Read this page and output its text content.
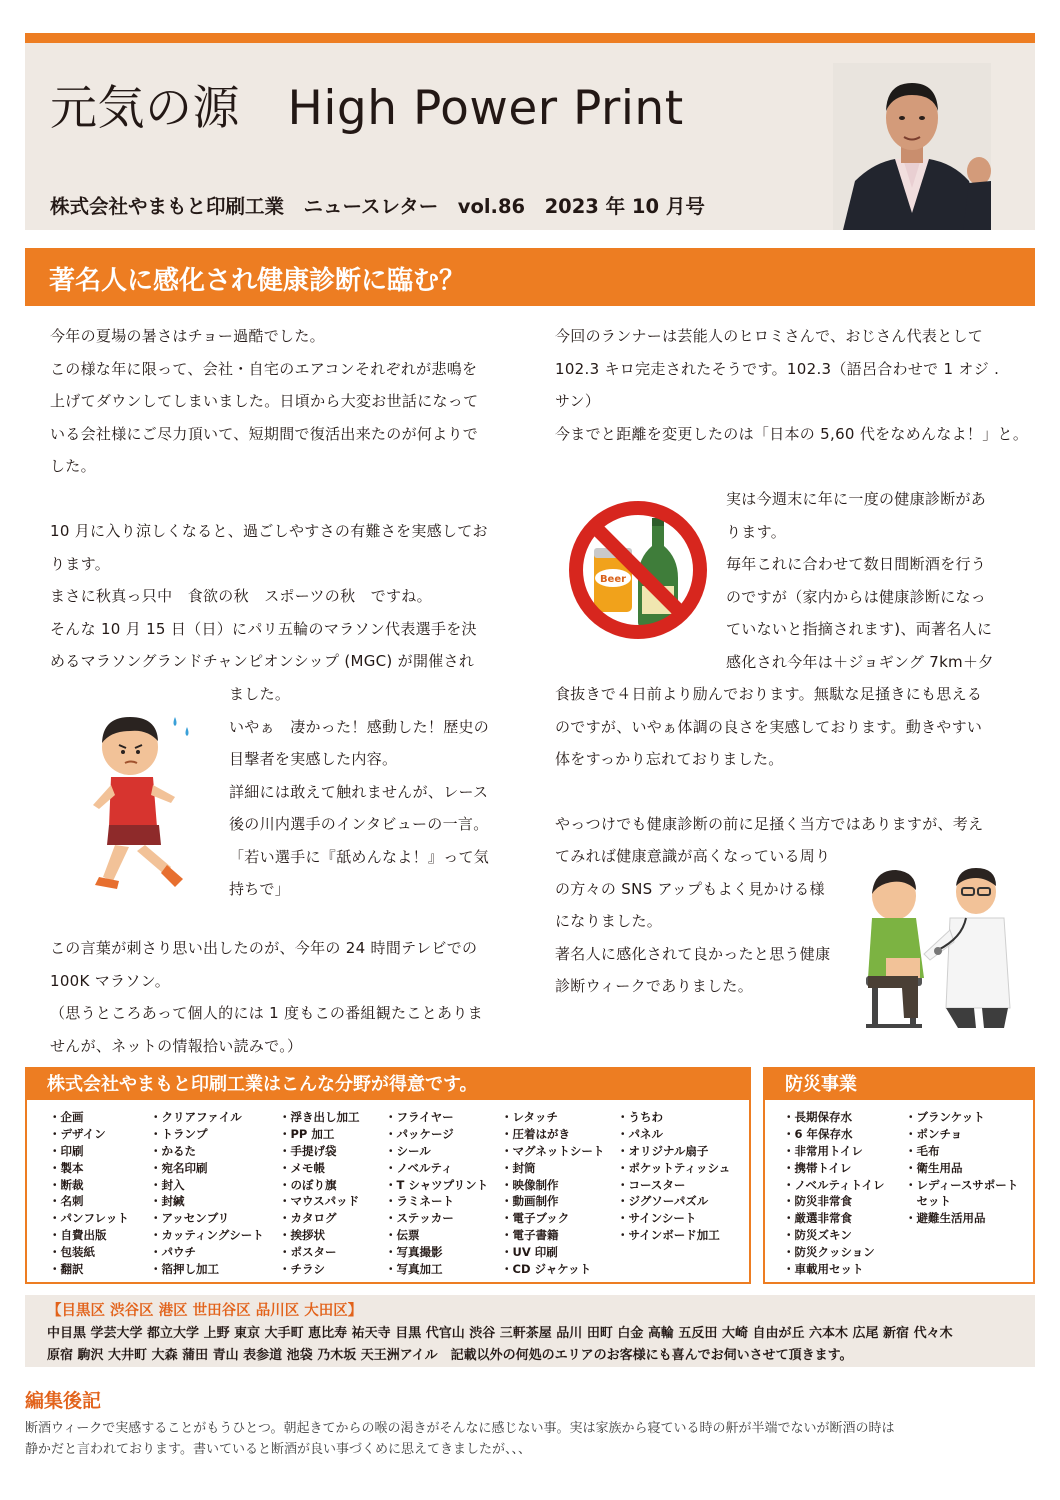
元気の源　High Power Print
株式会社やまもと印刷工業　ニュースレター　vol.86　2023 年 10 月号
著名人に感化され健康診断に臨む？

今年の夏場の暑さはチョー過酷でした。

この様な年に限って、会社・自宅のエアコンそれぞれが悲鳴を

上げてダウンしてしまいました。日頃から大変お世話になって

いる会社様にご尽力頂いて、短期間で復活出来たのが何よりで

した。

10 月に入り涼しくなると、過ごしやすさの有難さを実感してお

ります。

まさに秋真っ只中　食欲の秋　スポーツの秋　ですね。

そんな 10 月 15 日（日）にパリ五輪のマラソン代表選手を決

めるマラソングランドチャンピオンシップ (MGC) が開催され

ました。

いやぁ　凄かった！感動した！歴史の

目撃者を実感した内容。

詳細には敢えて触れませんが、レース

後の川内選手のインタビューの一言。

「若い選手に『舐めんなよ！』って気

持ちで」

この言葉が刺さり思い出したのが、今年の 24 時間テレビでの

100K マラソン。

（思うところあって個人的には 1 度もこの番組観たことありま

せんが、ネットの情報拾い読みで。）

今回のランナーは芸能人のヒロミさんで、おじさん代表として

102.3 キロ完走されたそうです。102.3（語呂合わせで 1 オジ .

サン）

今までと距離を変更したのは「日本の 5,60 代をなめんなよ！」と。

Beer

実は今週末に年に一度の健康診断があ

ります。

毎年これに合わせて数日間断酒を行う

のですが（家内からは健康診断になっ

ていないと指摘されます)、両著名人に

感化され今年は＋ジョギング 7km＋夕

食抜きで４日前より励んでおります。無駄な足掻きにも思える

のですが、いやぁ体調の良さを実感しております。動きやすい

体をすっかり忘れておりました。

やっつけでも健康診断の前に足掻く当方ではありますが、考え

てみれば健康意識が高くなっている周り

の方々の SNS アップもよく見かける様

になりました。

著名人に感化されて良かったと思う健康

診断ウィークでありました。

株式会社やまもと印刷工業はこんな分野が得意です。
・企画
・デザイン
・印刷
・製本
・断裁
・名刺
・パンフレット
・自費出版
・包装紙
・翻訳
・クリアファイル
・トランプ
・かるた
・宛名印刷
・封入
・封緘
・アッセンブリ
・カッティングシート
・パウチ
・箔押し加工
・浮き出し加工
・PP 加工
・手提げ袋
・メモ帳
・のぼり旗
・マウスパッド
・カタログ
・挨拶状
・ポスター
・チラシ
・フライヤー
・パッケージ
・シール
・ノベルティ
・T シャツプリント
・ラミネート
・ステッカー
・伝票
・写真撮影
・写真加工
・レタッチ
・圧着はがき
・マグネットシート
・封筒
・映像制作
・動画制作
・電子ブック
・電子書籍
・UV 印刷
・CD ジャケット
・うちわ
・パネル
・オリジナル扇子
・ポケットティッシュ
・コースター
・ジグソーパズル
・サインシート
・サインボード加工
防災事業
・長期保存水
・6 年保存水
・非常用トイレ
・携帯トイレ
・ノベルティトイレ
・防災非常食
・厳選非常食
・防災ズキン
・防災クッション
・車載用セット
・ブランケット
・ポンチョ
・毛布
・衛生用品
・レディースサポート
　セット
・避難生活用品
【目黒区 渋谷区 港区 世田谷区 品川区 大田区】
中目黒 学芸大学 都立大学 上野 東京 大手町 恵比寿 祐天寺 目黒 代官山 渋谷 三軒茶屋 品川 田町 白金 高輪 五反田 大崎 自由が丘 六本木 広尾 新宿 代々木
原宿 駒沢 大井町 大森 蒲田 青山 表参道 池袋 乃木坂 天王洲アイル　記載以外の何処のエリアのお客様にも喜んでお伺いさせて頂きます。
編集後記
断酒ウィークで実感することがもうひとつ。朝起きてからの喉の渇きがそんなに感じない事。実は家族から寝ている時の鼾が半端でないが断酒の時は
静かだと言われております。書いていると断酒が良い事づくめに思えてきましたが、、、
